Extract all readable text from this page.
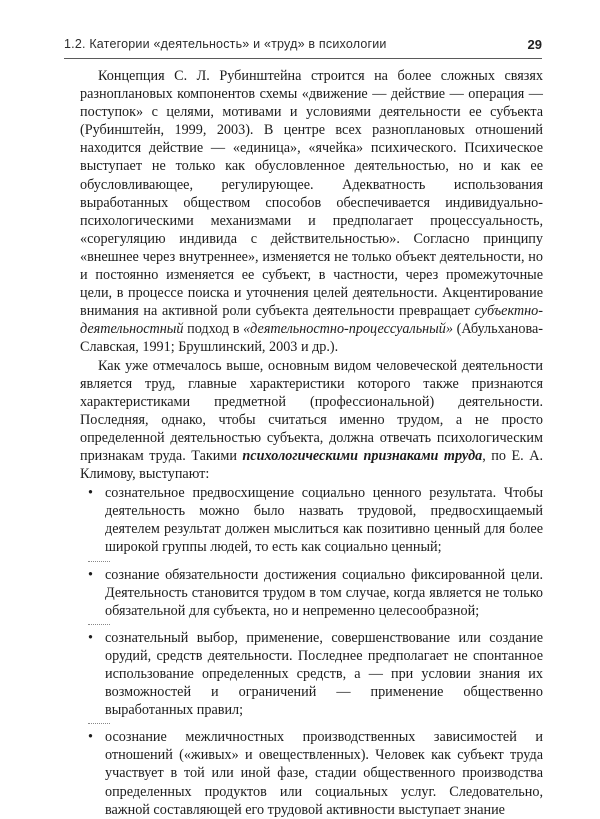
1.2. Категории «деятельность» и «труд» в психологии	29

Концепция С. Л. Рубинштейна строится на более сложных связях разноплановых компонентов схемы «движение — действие — операция — поступок» с целями, мотивами и условиями деятельности ее субъекта (Рубинштейн, 1999, 2003). В центре всех разноплановых отношений находится действие — «единица», «ячейка» психического. Психическое выступает не только как обусловленное деятельностью, но и как ее обусловливающее, регулирующее. Адекватность использования выработанных обществом способов обеспечивается индивидуально-психологическими механизмами и предполагает процессуальность, «сорегуляцию индивида с действительностью». Согласно принципу «внешнее через внутреннее», изменяется не только объект деятельности, но и постоянно изменяется ее субъект, в частности, через промежуточные цели, в процессе поиска и уточнения целей деятельности. Акцентирование внимания на активной роли субъекта деятельности превращает субъектно-деятельностный подход в «деятельностно-процессуальный» (Абульханова-Славская, 1991; Брушлинский, 2003 и др.).

Как уже отмечалось выше, основным видом человеческой деятельности является труд, главные характеристики которого также признаются характеристиками предметной (профессиональной) деятельности. Последняя, однако, чтобы считаться именно трудом, а не просто определенной деятельностью субъекта, должна отвечать психологическим признакам труда. Такими психологическими признаками труда, по Е. А. Климову, выступают:

• сознательное предвосхищение социально ценного результата. Чтобы деятельность можно было назвать трудовой, предвосхищаемый деятелем результат должен мыслиться как позитивно ценный для более широкой группы людей, то есть как социально ценный;
• сознание обязательности достижения социально фиксированной цели. Деятельность становится трудом в том случае, когда является не только обязательной для субъекта, но и непременно целесообразной;
• сознательный выбор, применение, совершенствование или создание орудий, средств деятельности. Последнее предполагает не спонтанное использование определенных средств, а — при условии знания их возможностей и ограничений — применение общественно выработанных правил;
• осознание межличностных производственных зависимостей и отношений («живых» и овеществленных). Человек как субъект труда участвует в той или иной фазе, стадии общественного производства определенных продуктов или социальных услуг. Следовательно, важной составляющей его трудовой активности выступает знание
